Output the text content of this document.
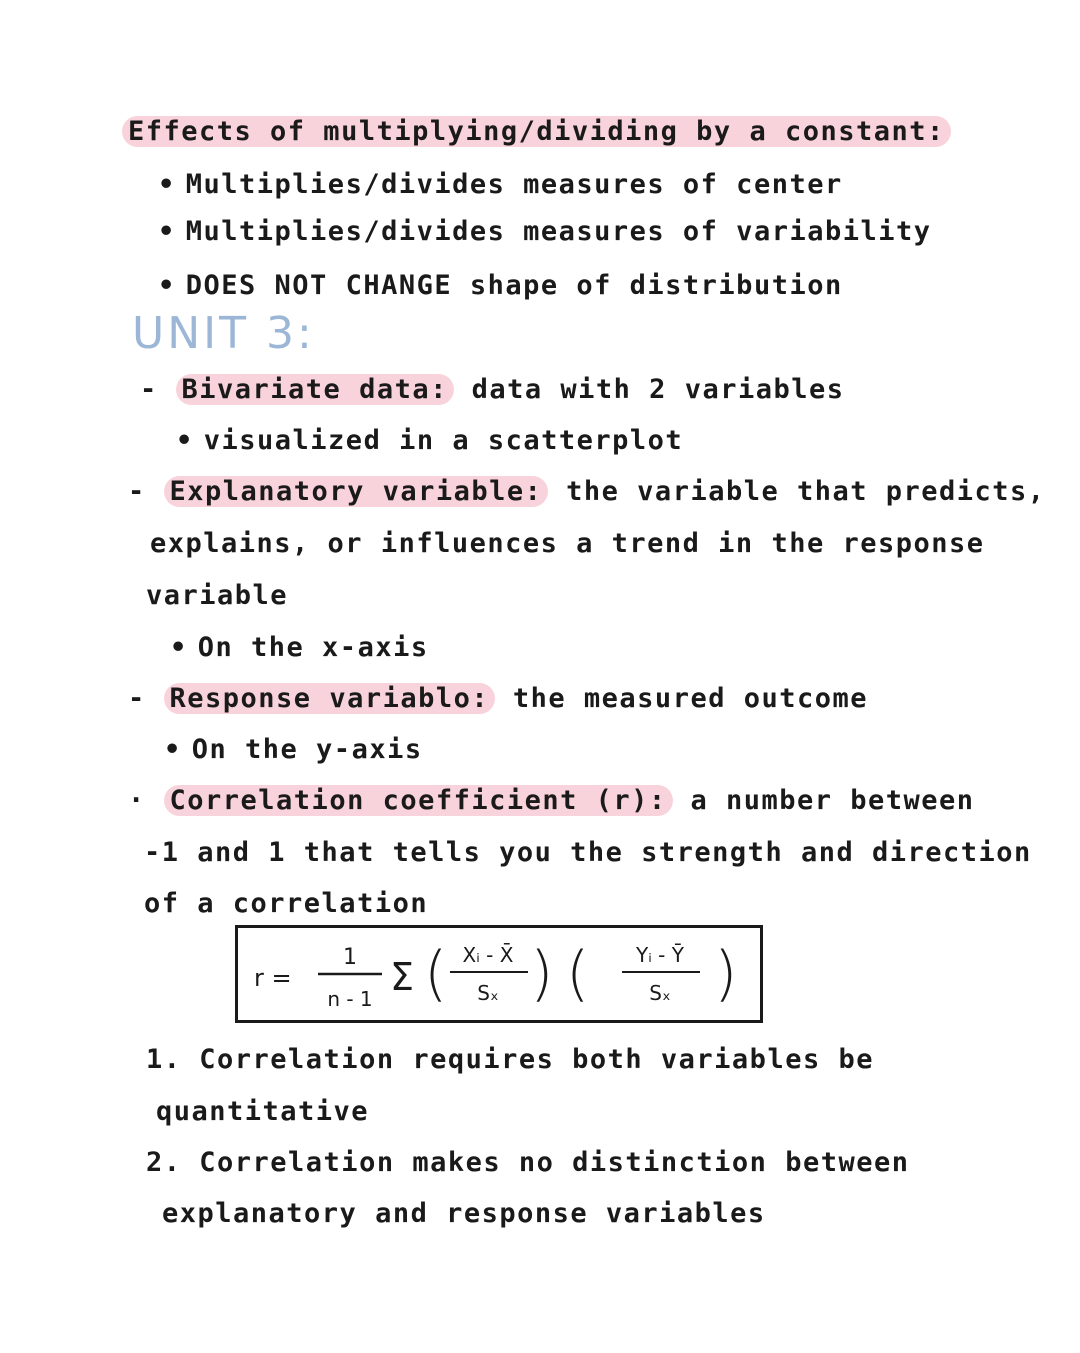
Effects of multiplying/dividing by a constant:
• Multiplies/divides measures of center
• Multiplies/divides measures of variability
• DOES NOT CHANGE shape of distribution
UNIT 3:
- Bivariate data: data with 2 variables
• visualized in a scatterplot
- Explanatory variable: the variable that predicts,
explains, or influences a trend in the response
variable
• On the x-axis
- Response variablo: the measured outcome
• On the y-axis
· Correlation coefficient (r): a number between
-1 and 1 that tells you the strength and direction
of a correlation
r =
1
n - 1 Σ ( Xᵢ - X̄
Sₓ ) ( Yᵢ - Ȳ
Sₓ )
1. Correlation requires both variables be
quantitative
2. Correlation makes no distinction between
explanatory and response variables
